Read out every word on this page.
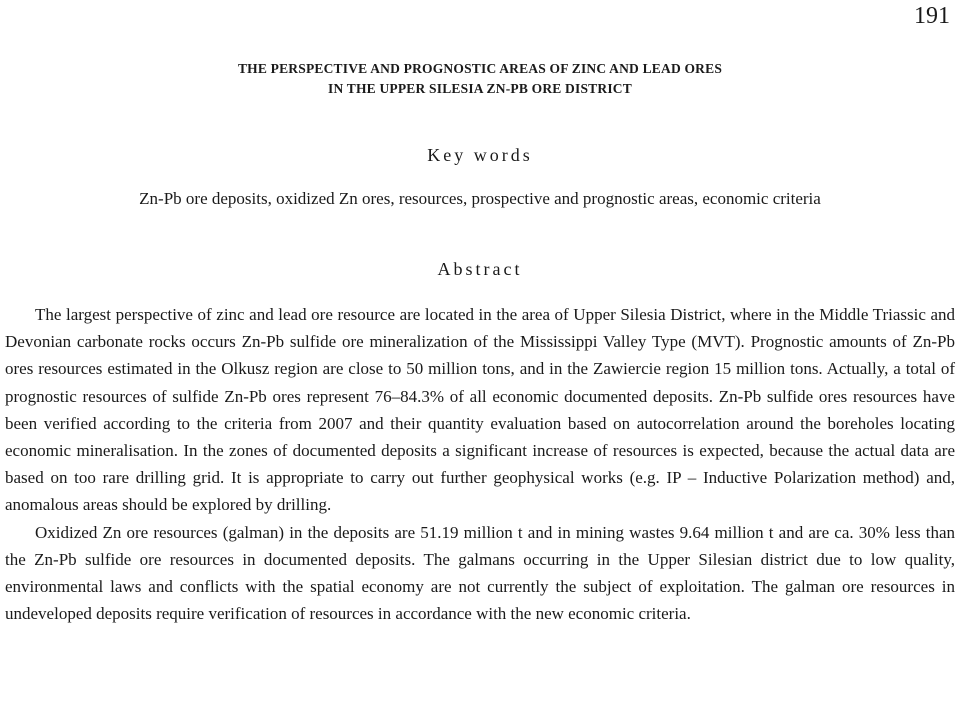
191
THE PERSPECTIVE AND PROGNOSTIC AREAS OF ZINC AND LEAD ORES
IN THE UPPER SILESIA ZN-PB ORE DISTRICT
Key words
Zn-Pb ore deposits, oxidized Zn ores, resources, prospective and prognostic areas, economic criteria
Abstract

The largest perspective of zinc and lead ore resource are located in the area of Upper Silesia District, where in the Middle Triassic and Devonian carbonate rocks occurs Zn-Pb sulfide ore mineralization of the Mississippi Valley Type (MVT). Prognostic amounts of Zn-Pb ores resources estimated in the Olkusz region are close to 50 million tons, and in the Zawiercie region 15 million tons. Actually, a total of prognostic resources of sulfide Zn-Pb ores represent 76–84.3% of all economic documented deposits. Zn-Pb sulfide ores resources have been verified according to the criteria from 2007 and their quantity evaluation based on autocorrelation around the boreholes locating economic mineralisation. In the zones of documented deposits a significant increase of resources is expected, because the actual data are based on too rare drilling grid. It is appropriate to carry out further geophysical works (e.g. IP – Inductive Polarization method) and, anomalous areas should be explored by drilling.

Oxidized Zn ore resources (galman) in the deposits are 51.19 million t and in mining wastes 9.64 million t and are ca. 30% less than the Zn-Pb sulfide ore resources in documented deposits. The galmans occurring in the Upper Silesian district due to low quality, environmental laws and conflicts with the spatial economy are not currently the subject of exploitation. The galman ore resources in undeveloped deposits require verification of resources in accordance with the new economic criteria.
